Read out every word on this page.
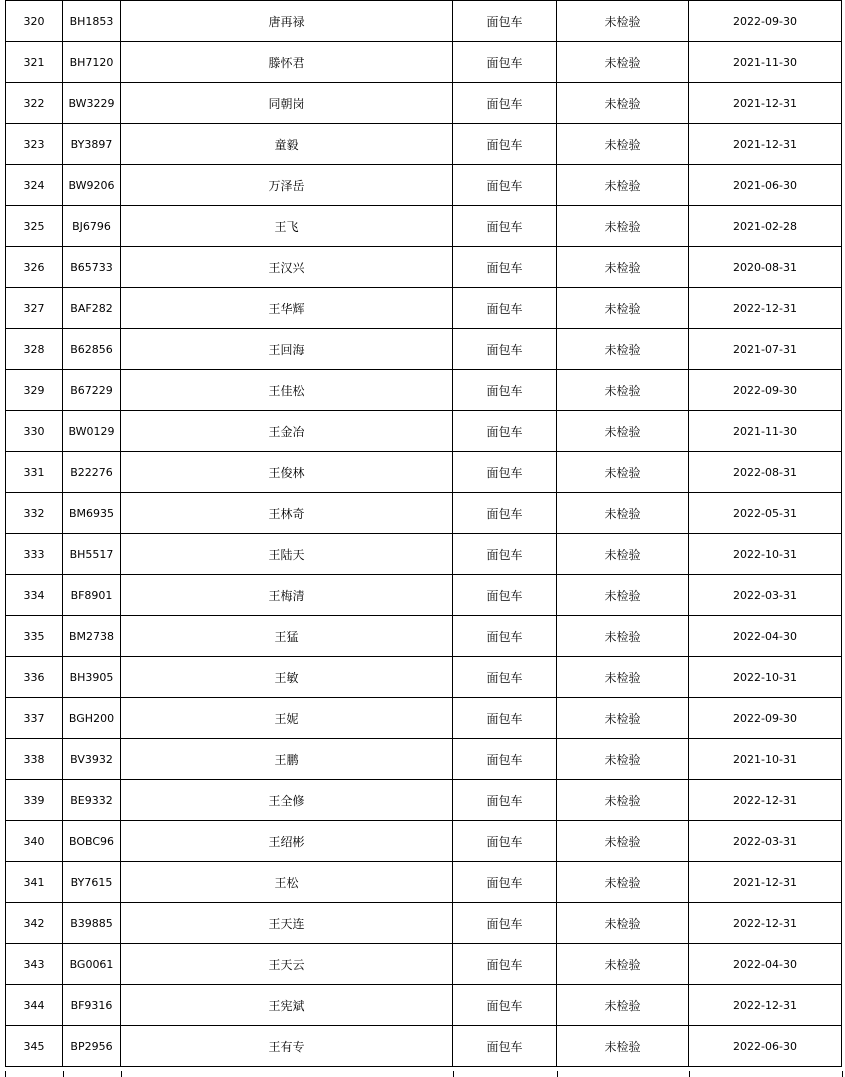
320	BH1853	唐再禄	面包车	未检验	2022-09-30
321	BH7120	滕怀君	面包车	未检验	2021-11-30
322	BW3229	同朝岗	面包车	未检验	2021-12-31
323	BY3897	童毅	面包车	未检验	2021-12-31
324	BW9206	万泽岳	面包车	未检验	2021-06-30
325	BJ6796	王飞	面包车	未检验	2021-02-28
326	B65733	王汉兴	面包车	未检验	2020-08-31
327	BAF282	王华辉	面包车	未检验	2022-12-31
328	B62856	王回海	面包车	未检验	2021-07-31
329	B67229	王佳松	面包车	未检验	2022-09-30
330	BW0129	王金冶	面包车	未检验	2021-11-30
331	B22276	王俊林	面包车	未检验	2022-08-31
332	BM6935	王林奇	面包车	未检验	2022-05-31
333	BH5517	王陆天	面包车	未检验	2022-10-31
334	BF8901	王梅清	面包车	未检验	2022-03-31
335	BM2738	王猛	面包车	未检验	2022-04-30
336	BH3905	王敏	面包车	未检验	2022-10-31
337	BGH200	王妮	面包车	未检验	2022-09-30
338	BV3932	王鹏	面包车	未检验	2021-10-31
339	BE9332	王全修	面包车	未检验	2022-12-31
340	BOBC96	王绍彬	面包车	未检验	2022-03-31
341	BY7615	王松	面包车	未检验	2021-12-31
342	B39885	王天连	面包车	未检验	2022-12-31
343	BG0061	王天云	面包车	未检验	2022-04-30
344	BF9316	王宪斌	面包车	未检验	2022-12-31
345	BP2956	王有专	面包车	未检验	2022-06-30
